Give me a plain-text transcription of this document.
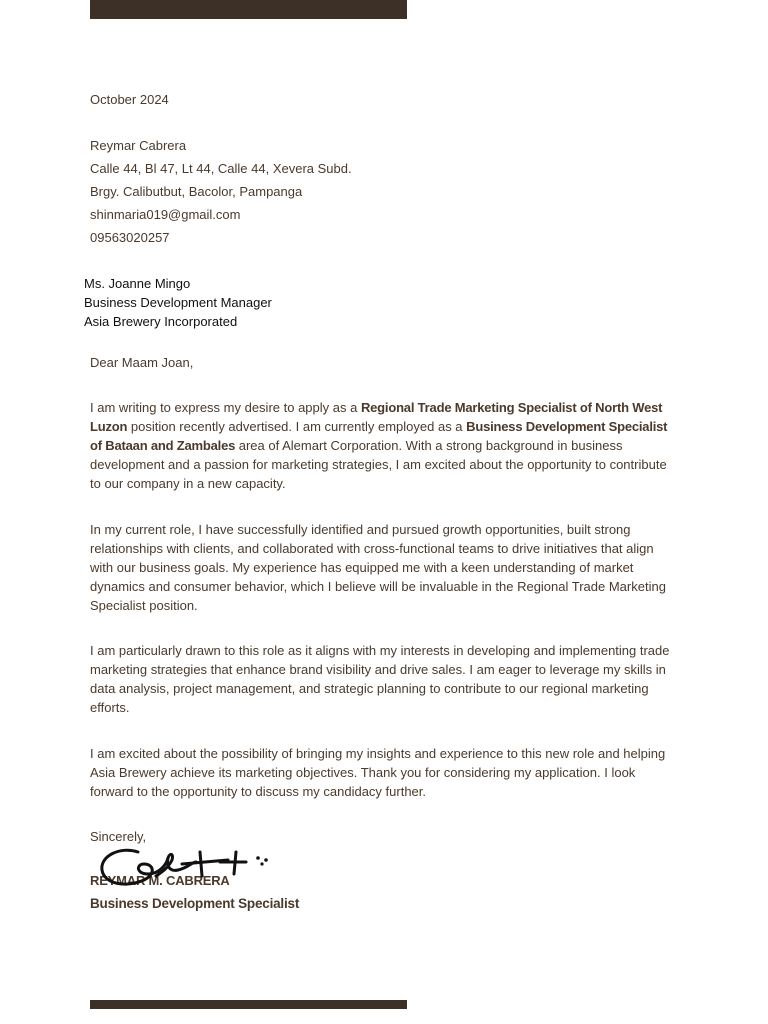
October 2024
Reymar Cabrera
Calle 44, Bl 47, Lt 44, Calle 44, Xevera Subd.
Brgy. Calibutbut, Bacolor, Pampanga
shinmaria019@gmail.com
09563020257
Ms. Joanne Mingo
Business Development Manager
Asia Brewery Incorporated
Dear Maam Joan,
I am writing to express my desire to apply as a Regional Trade Marketing Specialist of North West Luzon position recently advertised. I am currently employed as a Business Development Specialist of Bataan and Zambales area of Alemart Corporation. With a strong background in business development and a passion for marketing strategies, I am excited about the opportunity to contribute to our company in a new capacity.
In my current role, I have successfully identified and pursued growth opportunities, built strong relationships with clients, and collaborated with cross-functional teams to drive initiatives that align with our business goals. My experience has equipped me with a keen understanding of market dynamics and consumer behavior, which I believe will be invaluable in the Regional Trade Marketing Specialist position.
I am particularly drawn to this role as it aligns with my interests in developing and implementing trade marketing strategies that enhance brand visibility and drive sales. I am eager to leverage my skills in data analysis, project management, and strategic planning to contribute to our regional marketing efforts.
I am excited about the possibility of bringing my insights and experience to this new role and helping Asia Brewery achieve its marketing objectives. Thank you for considering my application. I look forward to the opportunity to discuss my candidacy further.
Sincerely,
REYMAR M. CABRERA
Business Development Specialist
